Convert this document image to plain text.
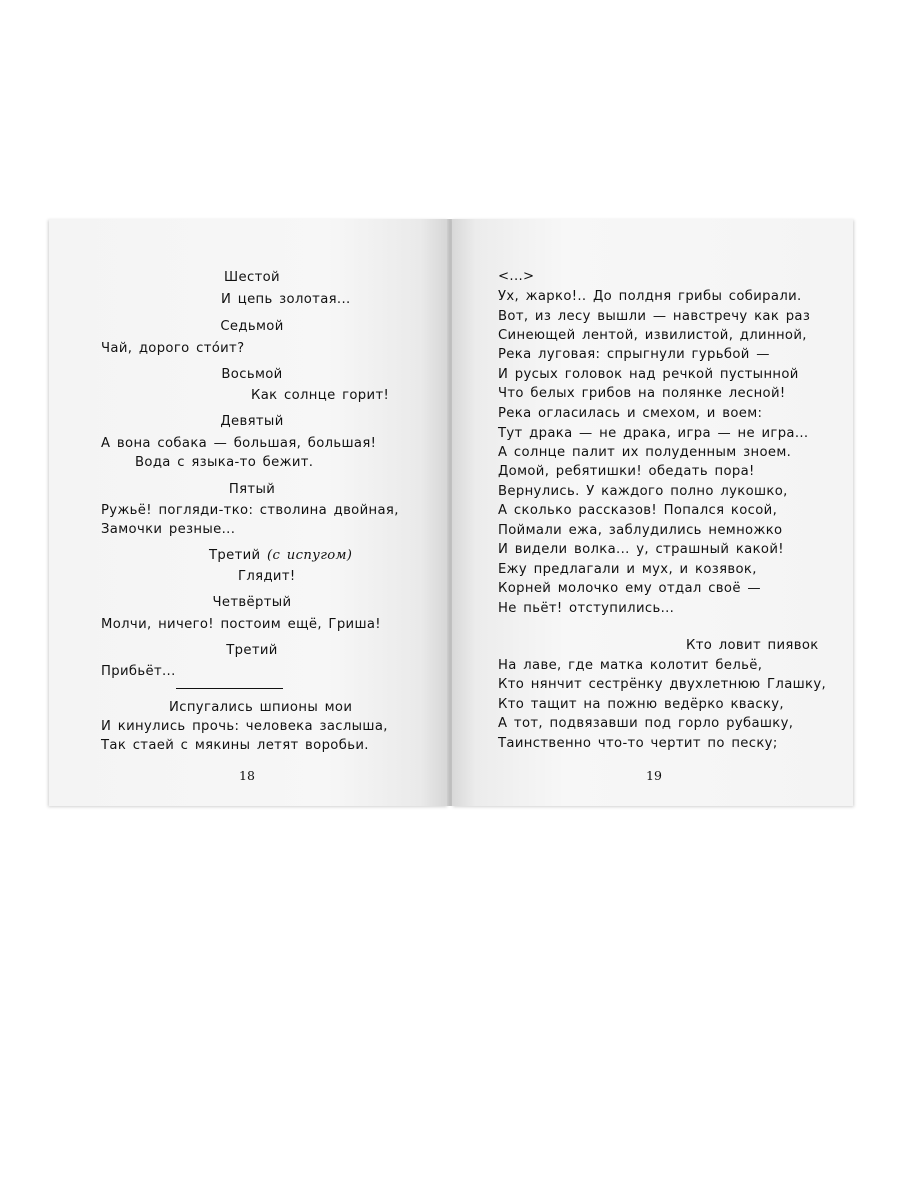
Шестой

И цепь золотая...

Седьмой

Чай, дорого сто́ит?

Восьмой

Как солнце горит!

Девятый

А вона собака — большая, большая!

Вода с языка-то бежит.

Пятый

Ружьё! погляди-тко: стволина двойная,

Замочки резные...

Третий (с испугом)

Глядит!

Четвёртый

Молчи, ничего! постоим ещё, Гриша!

Третий

Прибьёт...

Испугались шпионы мои

И кинулись прочь: человека заслыша,

Так стаей с мякины летят воробьи.

18

<...>

Ух, жарко!.. До полдня грибы собирали.

Вот, из лесу вышли — навстречу как раз

Синеющей лентой, извилистой, длинной,

Река луговая: спрыгнули гурьбой —

И русых головок над речкой пустынной

Что белых грибов на полянке лесной!

Река огласилась и смехом, и воем:

Тут драка — не драка, игра — не игра...

А солнце палит их полуденным зноем.

Домой, ребятишки! обедать пора!

Вернулись. У каждого полно лукошко,

А сколько рассказов! Попался косой,

Поймали ежа, заблудились немножко

И видели волка... у, страшный какой!

Ежу предлагали и мух, и козявок,

Корней молочко ему отдал своё —

Не пьёт! отступились...

Кто ловит пиявок

На лаве, где матка колотит бельё,

Кто нянчит сестрёнку двухлетнюю Глашку,

Кто тащит на пожню ведёрко кваску,

А тот, подвязавши под горло рубашку,

Таинственно что-то чертит по песку;

19
